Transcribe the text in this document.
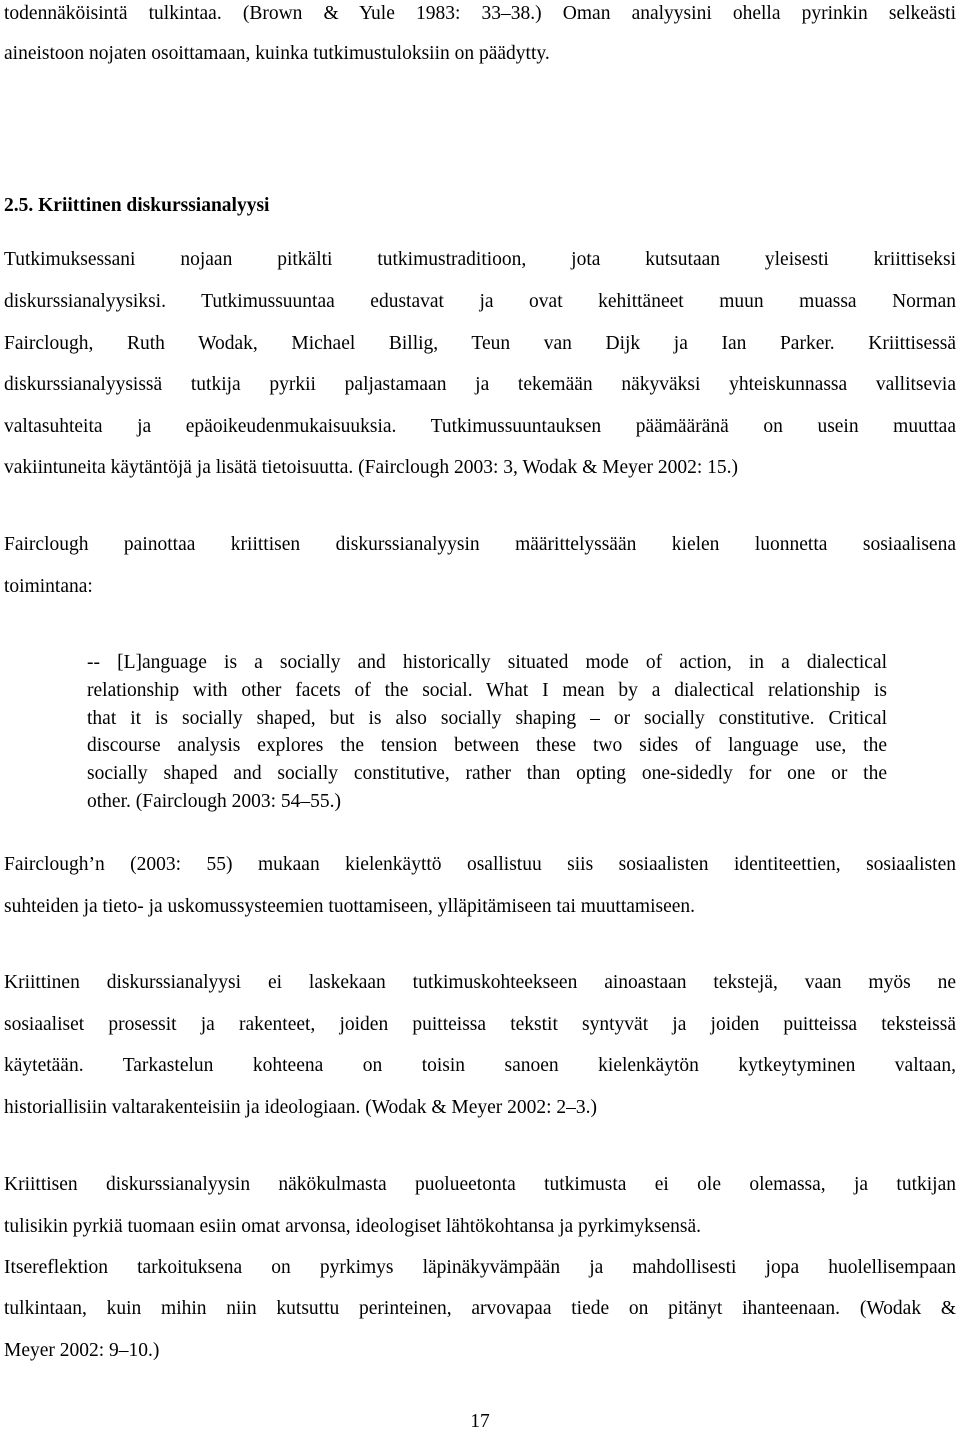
todennäköisintä tulkintaa. (Brown & Yule 1983: 33–38.) Oman analyysini ohella pyrinkin selkeästi
aineistoon nojaten osoittamaan, kuinka tutkimustuloksiin on päädytty.
2.5. Kriittinen diskurssianalyysi
Tutkimuksessani nojaan pitkälti tutkimustraditioon, jota kutsutaan yleisesti kriittiseksi
diskurssianalyysiksi. Tutkimussuuntaa edustavat ja ovat kehittäneet muun muassa Norman
Fairclough, Ruth Wodak, Michael Billig, Teun van Dijk ja Ian Parker. Kriittisessä
diskurssianalyysissä tutkija pyrkii paljastamaan ja tekemään näkyväksi yhteiskunnassa vallitsevia
valtasuhteita ja epäoikeudenmukaisuuksia. Tutkimussuuntauksen päämääränä on usein muuttaa
vakiintuneita käytäntöjä ja lisätä tietoisuutta. (Fairclough 2003: 3, Wodak & Meyer 2002: 15.)
Fairclough painottaa kriittisen diskurssianalyysin määrittelyssään kielen luonnetta sosiaalisena
toimintana:
-- [L]anguage is a socially and historically situated mode of action, in a dialectical
relationship with other facets of the social. What I mean by a dialectical relationship is
that it is socially shaped, but is also socially shaping – or socially constitutive. Critical
discourse analysis explores the tension between these two sides of language use, the
socially shaped and socially constitutive, rather than opting one-sidedly for one or the
other. (Fairclough 2003: 54–55.)
Fairclough’n (2003: 55) mukaan kielenkäyttö osallistuu siis sosiaalisten identiteettien, sosiaalisten
suhteiden ja tieto- ja uskomussysteemien tuottamiseen, ylläpitämiseen tai muuttamiseen.
Kriittinen diskurssianalyysi ei laskekaan tutkimuskohteekseen ainoastaan tekstejä, vaan myös ne
sosiaaliset prosessit ja rakenteet, joiden puitteissa tekstit syntyvät ja joiden puitteissa teksteissä
käytetään. Tarkastelun kohteena on toisin sanoen kielenkäytön kytkeytyminen valtaan,
historiallisiin valtarakenteisiin ja ideologiaan. (Wodak & Meyer 2002: 2–3.)
Kriittisen diskurssianalyysin näkökulmasta puolueetonta tutkimusta ei ole olemassa, ja tutkijan
tulisikin pyrkiä tuomaan esiin omat arvonsa, ideologiset lähtökohtansa ja pyrkimyksensä.
Itsereflektion tarkoituksena on pyrkimys läpinäkyvämpään ja mahdollisesti jopa huolellisempaan
tulkintaan, kuin mihin niin kutsuttu perinteinen, arvovapaa tiede on pitänyt ihanteenaan. (Wodak &
Meyer 2002: 9–10.)
17
